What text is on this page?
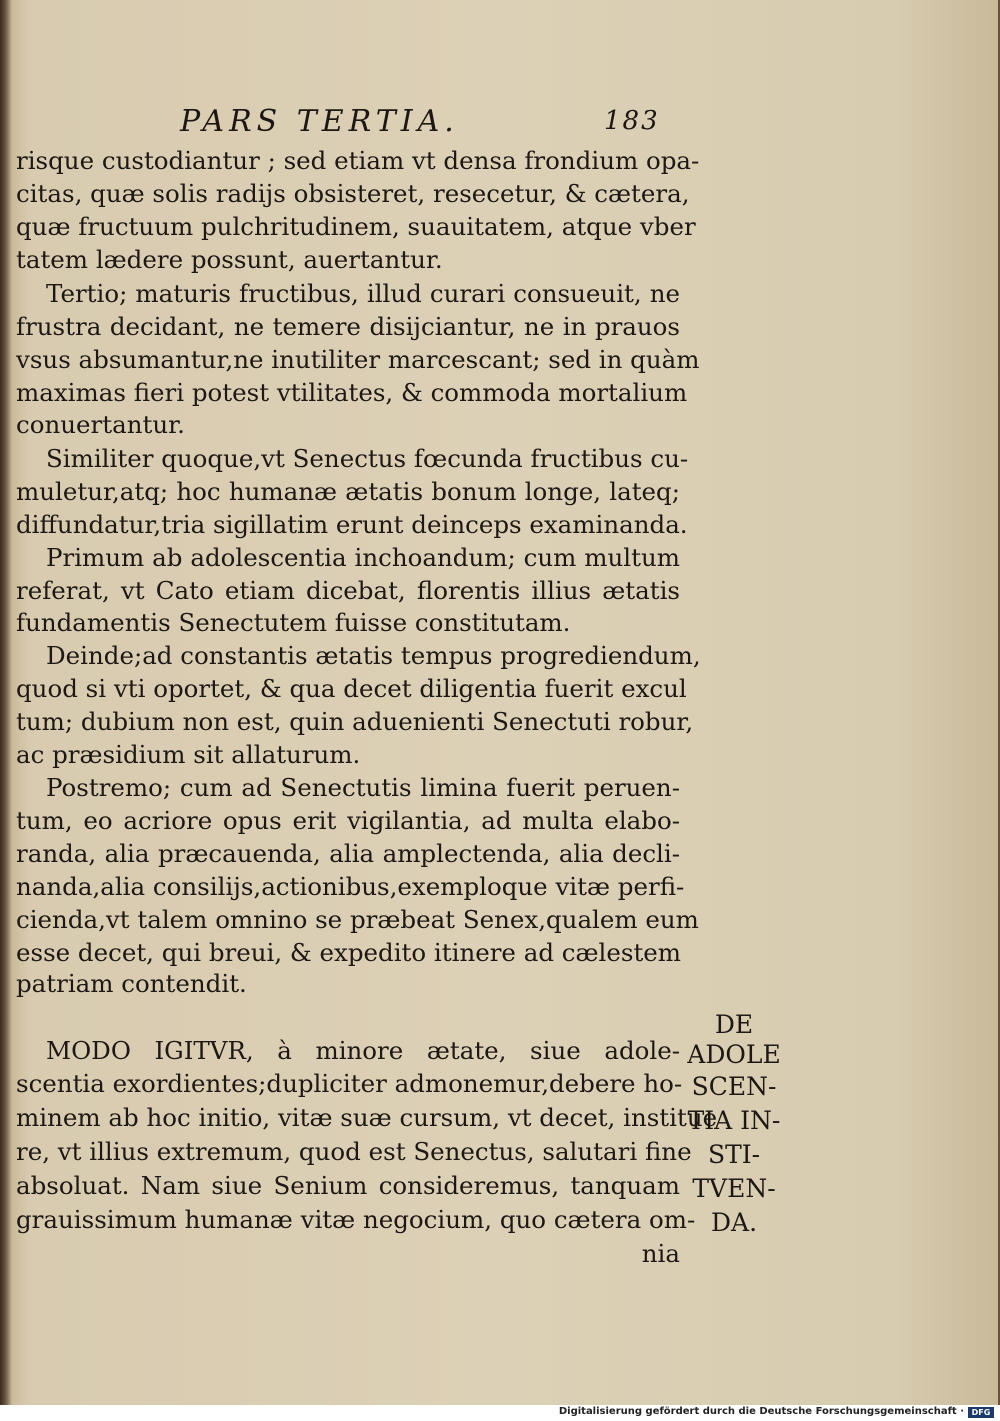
PARS TERTIA.	183
risque custodiantur ; sed etiam vt densa frondium opa-
citas, quæ solis radijs obsisteret, resecetur, & cætera,
quæ fructuum pulchritudinem, suauitatem, atque vber
tatem lædere possunt, auertantur.
Tertio; maturis fructibus, illud curari consueuit, ne
frustra decidant, ne temere disijciantur, ne in prauos
vsus absumantur,ne inutiliter marcescant; sed in quàm
maximas fieri potest vtilitates, & commoda mortalium
conuertantur.
Similiter quoque,vt Senectus fœcunda fructibus cu-
muletur,atq; hoc humanæ ætatis bonum longe, lateq;
diffundatur,tria sigillatim erunt deinceps examinanda.
Primum ab adolescentia inchoandum; cum multum
referat, vt Cato etiam dicebat, florentis illius ætatis
fundamentis Senectutem fuisse constitutam.
Deinde;ad constantis ætatis tempus progrediendum,
quod si vti oportet, & qua decet diligentia fuerit excul
tum; dubium non est, quin aduenienti Senectuti robur,
ac præsidium sit allaturum.
Postremo; cum ad Senectutis limina fuerit peruen-
tum, eo acriore opus erit vigilantia, ad multa elabo-
randa, alia præcauenda, alia amplectenda, alia decli-
nanda,alia consilijs,actionibus,exemploque vitæ perfi-
cienda,vt talem omnino se præbeat Senex,qualem eum
esse decet, qui breui, & expedito itinere ad cælestem
patriam contendit.
MODO IGITVR, à minore ætate, siue adole-
scentia exordientes;dupliciter admonemur,debere ho-
minem ab hoc initio, vitæ suæ cursum, vt decet, institue
re, vt illius extremum, quod est Senectus, salutari fine
absoluat. Nam siue Senium consideremus, tanquam
grauissimum humanæ vitæ negocium, quo cætera om-
nia
DE
ADOLE
SCEN-
TIA IN-
STI-
TVEN-
DA.
Digitalisierung gefördert durch die Deutsche Forschungsgemeinschaft · DFG
